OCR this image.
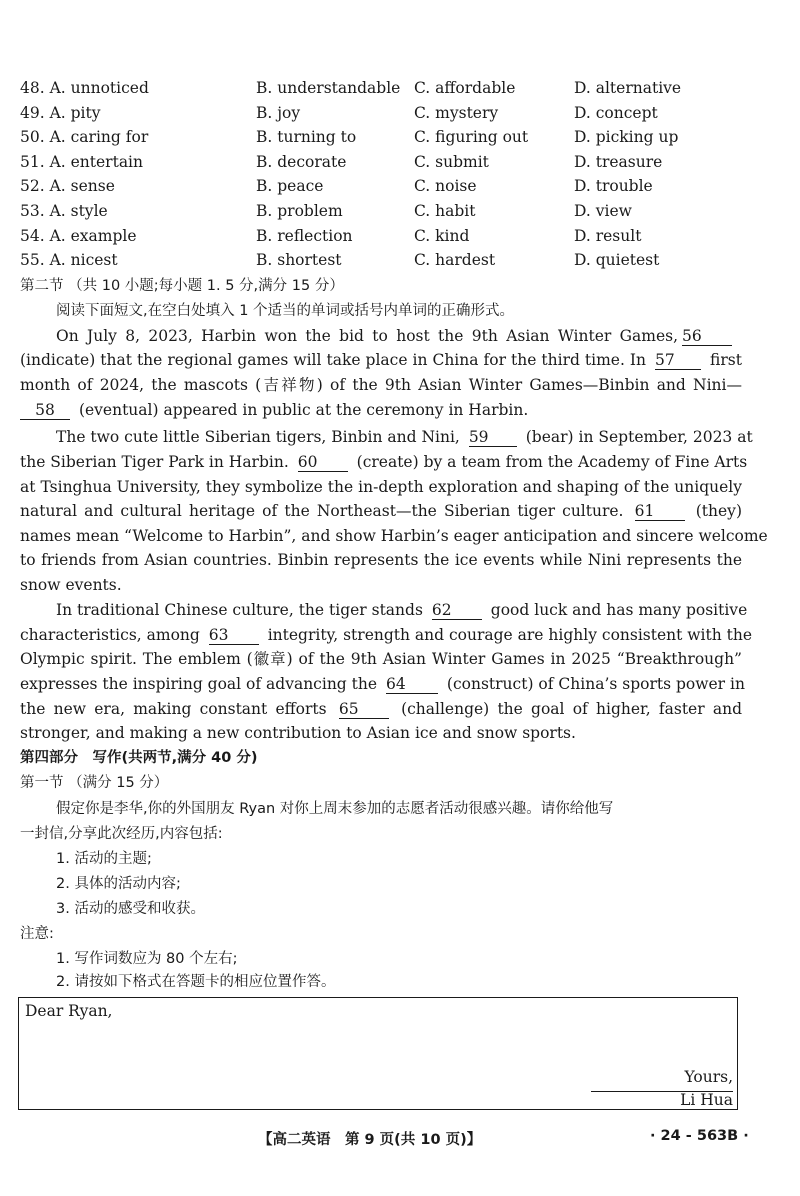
48. A. unnoticed	B. understandable C. affordable	D. alternative
49. A. pity	B. joy	C. mystery	D. concept
50. A. caring for	B. turning to	C. figuring out	D. picking up
51. A. entertain	B. decorate	C. submit	D. treasure
52. A. sense	B. peace	C. noise	D. trouble
53. A. style	B. problem	C. habit	D. view
54. A. example	B. reflection	C. kind	D. result
55. A. nicest	B. shortest	C. hardest	D. quietest
第二节 （共 10 小题;每小题 1. 5 分,满分 15 分）
阅读下面短文,在空白处填入 1 个适当的单词或括号内单词的正确形式。
On July 8, 2023, Harbin won the bid to host the 9th Asian Winter Games, 56
(indicate) that the regional games will take place in China for the third time. In 57 first
month of 2024, the mascots (吉祥物) of the 9th Asian Winter Games—Binbin and Nini—
58 (eventual) appeared in public at the ceremony in Harbin.
The two cute little Siberian tigers, Binbin and Nini, 59 (bear) in September, 2023 at
the Siberian Tiger Park in Harbin. 60	(create) by a team from the Academy of Fine Arts
at Tsinghua University, they symbolize the in-depth exploration and shaping of the uniquely
natural and cultural heritage of the Northeast—the Siberian tiger culture. 61	(they)
names mean “Welcome to Harbin”, and show Harbin’s eager anticipation and sincere welcome
to friends from Asian countries. Binbin represents the ice events while Nini represents the
snow events.
In traditional Chinese culture, the tiger stands 62	good luck and has many positive
characteristics, among 63	integrity, strength and courage are highly consistent with the
Olympic spirit. The emblem (徽章) of the 9th Asian Winter Games in 2025 “Breakthrough”
expresses the inspiring goal of advancing the 64	(construct) of China’s sports power in
the new era, making constant efforts 65	(challenge) the goal of higher, faster and
stronger, and making a new contribution to Asian ice and snow sports.
第四部分　写作(共两节,满分 40 分)
第一节 （满分 15 分）
假定你是李华,你的外国朋友 Ryan 对你上周末参加的志愿者活动很感兴趣。请你给他写
一封信,分享此次经历,内容包括:
1. 活动的主题;
2. 具体的活动内容;
3. 活动的感受和收获。
注意:
1. 写作词数应为 80 个左右;
2. 请按如下格式在答题卡的相应位置作答。
Dear Ryan,
Yours,
Li Hua
【高二英语　第 9 页(共 10 页)】	· 24 - 563B ·
